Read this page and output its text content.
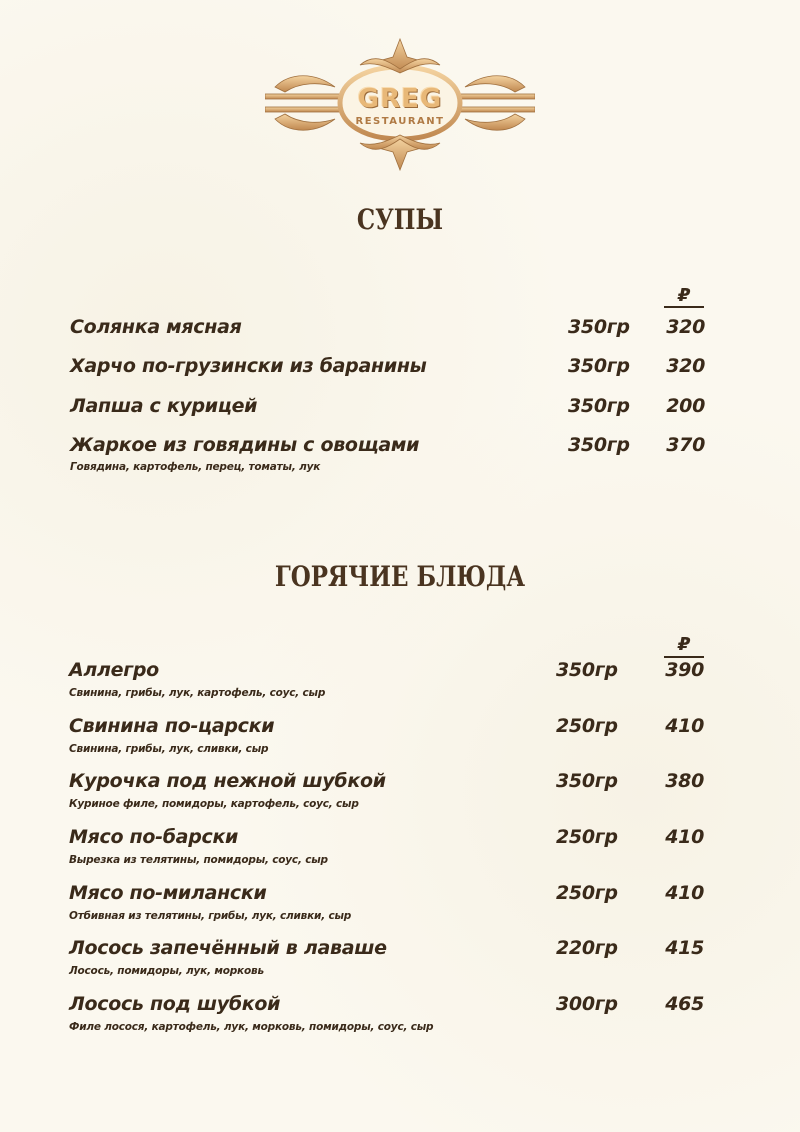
GREG
RESTAURANT
СУПЫ
₽
Солянка мясная	350гр	320
Харчо по-грузински из баранины	350гр	320
Лапша с курицей	350гр	200
Жаркое из говядины с овощами	350гр	370
Говядина, картофель, перец, томаты, лук
ГОРЯЧИЕ БЛЮДА
₽
Аллегро	350гр	390
Свинина, грибы, лук, картофель, соус, сыр
Свинина по-царски	250гр	410
Свинина, грибы, лук, сливки, сыр
Курочка под нежной шубкой	350гр	380
Куриное филе, помидоры, картофель, соус, сыр
Мясо по-барски	250гр	410
Вырезка из телятины, помидоры, соус, сыр
Мясо по-милански	250гр	410
Отбивная из телятины, грибы, лук, сливки, сыр
Лосось запечённый в лаваше	220гр	415
Лосось, помидоры, лук, морковь
Лосось под шубкой	300гр	465
Филе лосося, картофель, лук, морковь, помидоры, соус, сыр
